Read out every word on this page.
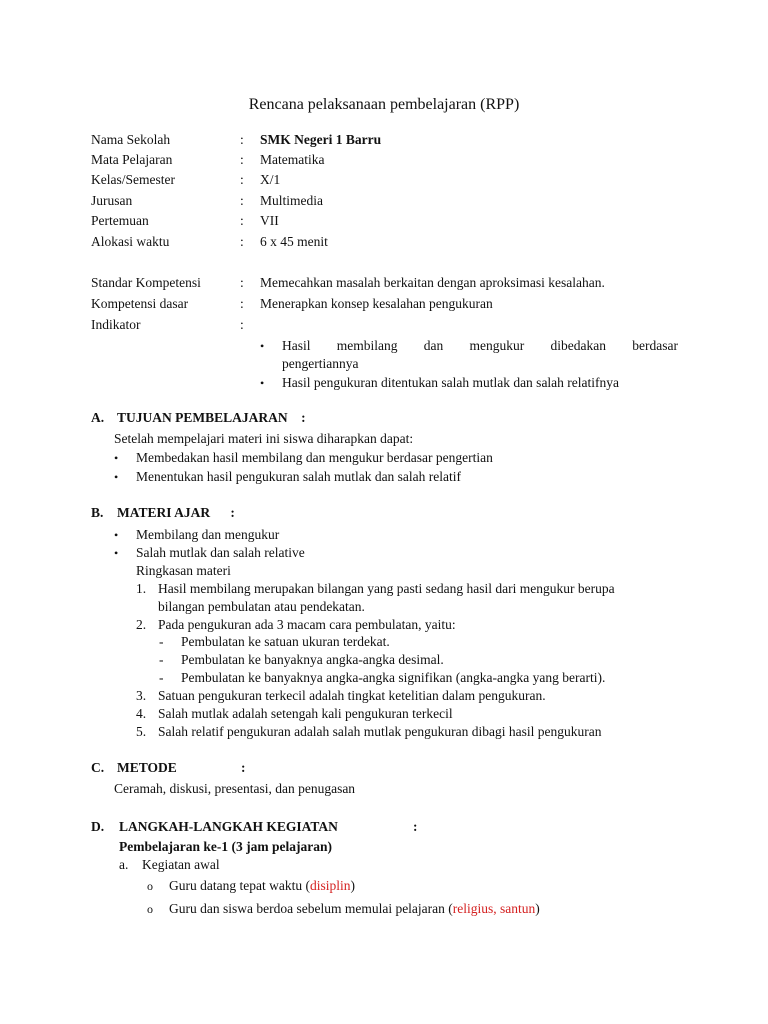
Rencana pelaksanaan pembelajaran (RPP)
Nama Sekolah	: SMK Negeri 1 Barru
Mata Pelajaran	: Matematika
Kelas/Semester	: X/1
Jurusan	: Multimedia
Pertemuan	: VII
Alokasi waktu	: 6 x 45 menit
Standar Kompetensi	: Memecahkan masalah berkaitan dengan aproksimasi kesalahan.
Kompetensi dasar	: Menerapkan konsep kesalahan pengukuran
Indikator	:
• Hasil membilang dan mengukur dibedakan berdasar
pengertiannya
• Hasil pengukuran ditentukan salah mutlak dan salah relatifnya
A. TUJUAN PEMBELAJARAN    :
Setelah mempelajari materi ini siswa diharapkan dapat:
• Membedakan hasil membilang dan mengukur berdasar pengertian
• Menentukan hasil pengukuran salah mutlak dan salah relatif
B. MATERI AJAR      :
• Membilang dan mengukur
• Salah mutlak dan salah relative
Ringkasan materi
1. Hasil membilang merupakan bilangan yang pasti sedang hasil dari mengukur berupa
bilangan pembulatan atau pendekatan.
2. Pada pengukuran ada 3 macam cara pembulatan, yaitu:
- Pembulatan ke satuan ukuran terdekat.
- Pembulatan ke banyaknya angka-angka desimal.
- Pembulatan ke banyaknya angka-angka signifikan (angka-angka yang berarti).
3. Satuan pengukuran terkecil adalah tingkat ketelitian dalam pengukuran.
4. Salah mutlak adalah setengah kali pengukuran terkecil
5. Salah relatif pengukuran adalah salah mutlak pengukuran dibagi hasil pengukuran
C. METODE	:
Ceramah, diskusi, presentasi, dan penugasan
D. LANGKAH-LANGKAH KEGIATAN	:
Pembelajaran ke-1 (3 jam pelajaran)
a. Kegiatan awal
o Guru datang tepat waktu (disiplin)
o Guru dan siswa berdoa sebelum memulai pelajaran (religius, santun)
